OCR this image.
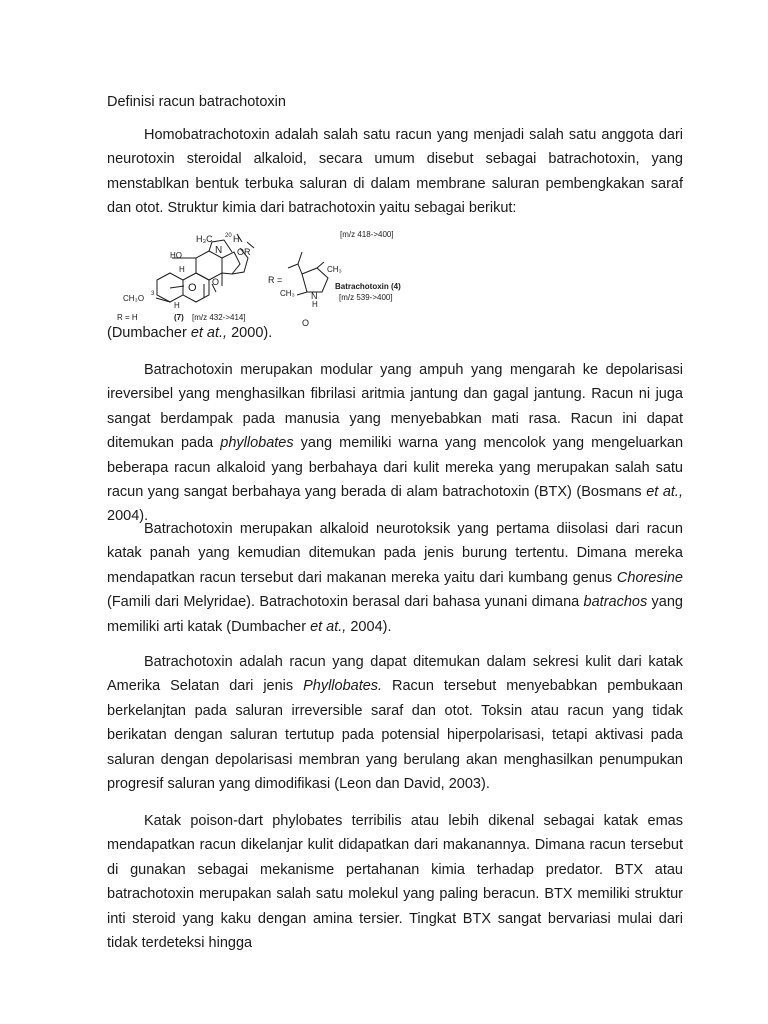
Definisi racun batrachotoxin

Homobatrachotoxin adalah salah satu racun yang menjadi salah satu anggota dari neurotoxin steroidal alkaloid, secara umum disebut sebagai batrachotoxin, yang menstablkan bentuk terbuka saluran di dalam membrane saluran pembengkakan saraf dan otot. Struktur kimia dari batrachotoxin yaitu sebagai berikut:

[m/z 418->400]
H₃C 20 H
N OR
HO
H
O O
CH₃O 3
H
R =
CH₃
CH₃ N
H
Batrachotoxin (4)
[m/z 539->400]
R = H	(7) [m/z 432->414]
O
(Dumbacher et at., 2000).

Batrachotoxin merupakan modular yang ampuh yang mengarah ke depolarisasi ireversibel yang menghasilkan fibrilasi aritmia jantung dan gagal jantung. Racun ni juga sangat berdampak pada manusia yang menyebabkan mati rasa. Racun ini dapat ditemukan pada phyllobates yang memiliki warna yang mencolok yang mengeluarkan beberapa racun alkaloid yang berbahaya dari kulit mereka yang merupakan salah satu racun yang sangat berbahaya yang berada di alam batrachotoxin (BTX) (Bosmans et at., 2004).

Batrachotoxin merupakan alkaloid neurotoksik yang pertama diisolasi dari racun katak panah yang kemudian ditemukan pada jenis burung tertentu. Dimana mereka mendapatkan racun tersebut dari makanan mereka yaitu dari kumbang genus Choresine (Famili dari Melyridae). Batrachotoxin berasal dari bahasa yunani dimana batrachos yang memiliki arti katak (Dumbacher et at., 2004).

Batrachotoxin adalah racun yang dapat ditemukan dalam sekresi kulit dari katak Amerika Selatan dari jenis Phyllobates. Racun tersebut menyebabkan pembukaan berkelanjtan pada saluran irreversible saraf dan otot. Toksin atau racun yang tidak berikatan dengan saluran tertutup pada potensial hiperpolarisasi, tetapi aktivasi pada saluran dengan depolarisasi membran yang berulang akan menghasilkan penumpukan progresif saluran yang dimodifikasi (Leon dan David, 2003).

Katak poison-dart phylobates terribilis atau lebih dikenal sebagai katak emas mendapatkan racun dikelanjar kulit didapatkan dari makanannya. Dimana racun tersebut di gunakan sebagai mekanisme pertahanan kimia terhadap predator. BTX atau batrachotoxin merupakan salah satu molekul yang paling beracun. BTX memiliki struktur inti steroid yang kaku dengan amina tersier. Tingkat BTX sangat bervariasi mulai dari tidak terdeteksi hingga
